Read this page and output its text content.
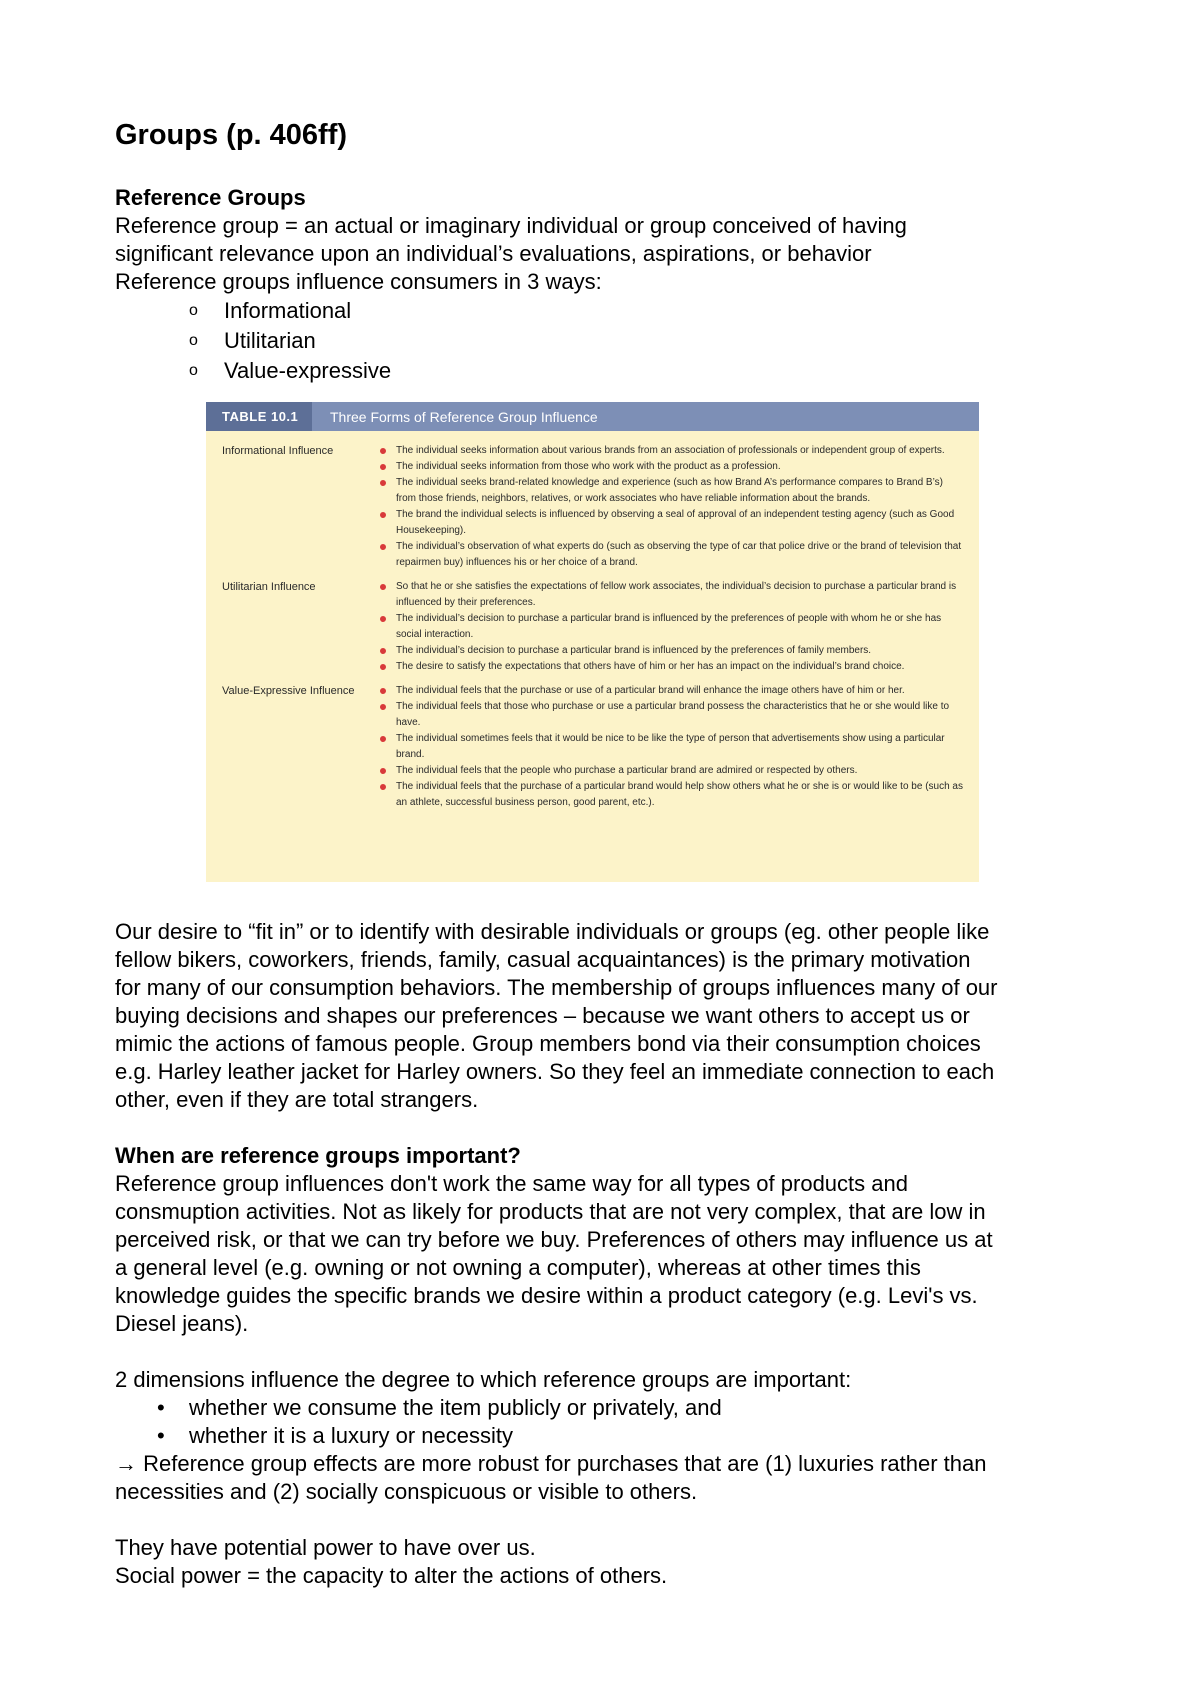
Groups (p. 406ff)

Reference Groups
Reference group = an actual or imaginary individual or group conceived of having
significant relevance upon an individual’s evaluations, aspirations, or behavior
Reference groups influence consumers in 3 ways:

o Informational
o Utilitarian
o Value-expressive
TABLE 10.1	Three Forms of Reference Group Influence
Informational Influence	The individual seeks information about various brands from an association of professionals or independent group of experts.
The individual seeks information from those who work with the product as a profession.
The individual seeks brand-related knowledge and experience (such as how Brand A’s performance compares to Brand B’s) from those friends, neighbors, relatives, or work associates who have reliable information about the brands.
The brand the individual selects is influenced by observing a seal of approval of an independent testing agency (such as Good Housekeeping).
The individual’s observation of what experts do (such as observing the type of car that police drive or the brand of television that repairmen buy) influences his or her choice of a brand.
Utilitarian Influence	So that he or she satisfies the expectations of fellow work associates, the individual’s decision to purchase a particular brand is influenced by their preferences.
The individual’s decision to purchase a particular brand is influenced by the preferences of people with whom he or she has social interaction.
The individual’s decision to purchase a particular brand is influenced by the preferences of family members.
The desire to satisfy the expectations that others have of him or her has an impact on the individual’s brand choice.
Value-Expressive Influence	The individual feels that the purchase or use of a particular brand will enhance the image others have of him or her.
The individual feels that those who purchase or use a particular brand possess the characteristics that he or she would like to have.
The individual sometimes feels that it would be nice to be like the type of person that advertisements show using a particular brand.
The individual feels that the people who purchase a particular brand are admired or respected by others.
The individual feels that the purchase of a particular brand would help show others what he or she is or would like to be (such as an athlete, successful business person, good parent, etc.).

Our desire to “fit in” or to identify with desirable individuals or groups (eg. other people like
fellow bikers, coworkers, friends, family, casual acquaintances) is the primary motivation
for many of our consumption behaviors. The membership of groups influences many of our
buying decisions and shapes our preferences – because we want others to accept us or
mimic the actions of famous people. Group members bond via their consumption choices
e.g. Harley leather jacket for Harley owners. So they feel an immediate connection to each
other, even if they are total strangers.

When are reference groups important?
Reference group influences don't work the same way for all types of products and
consmuption activities. Not as likely for products that are not very complex, that are low in
perceived risk, or that we can try before we buy. Preferences of others may influence us at
a general level (e.g. owning or not owning a computer), whereas at other times this
knowledge guides the specific brands we desire within a product category (e.g. Levi's vs.
Diesel jeans).

2 dimensions influence the degree to which reference groups are important:

• whether we consume the item publicly or privately, and
• whether it is a luxury or necessity

→ Reference group effects are more robust for purchases that are (1) luxuries rather than
necessities and (2) socially conspicuous or visible to others.

They have potential power to have over us.
Social power = the capacity to alter the actions of others.
